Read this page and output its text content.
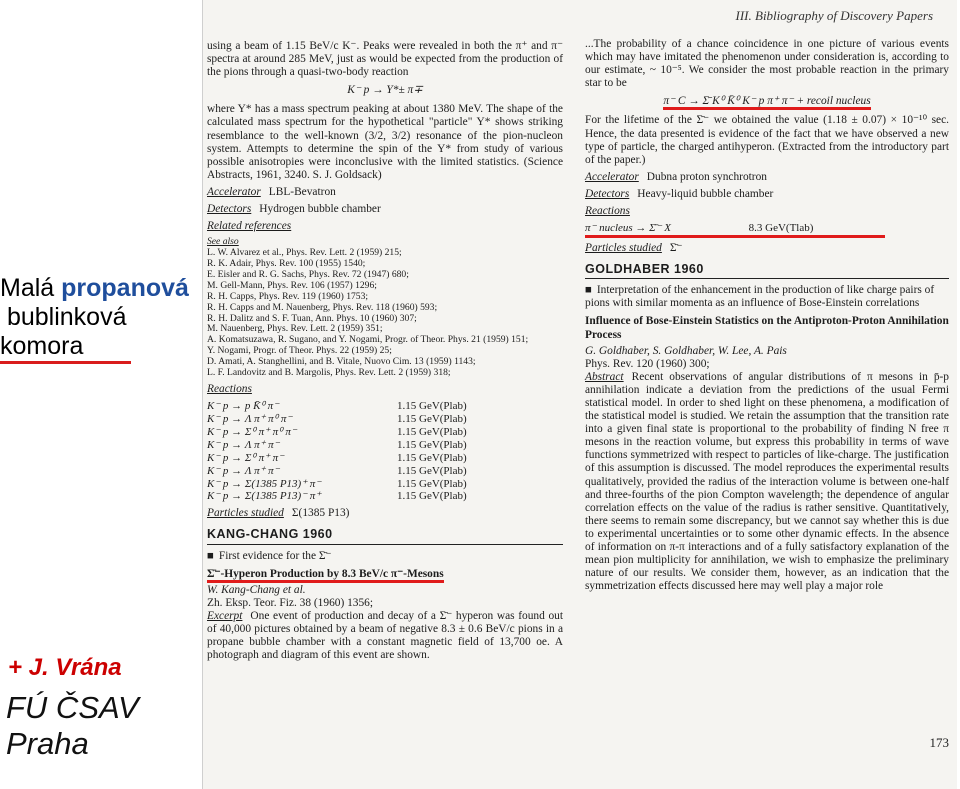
Malá propanová
bublinková
komora
+ J. Vrána
FÚ ČSAV Praha
III. Bibliography of Discovery Papers

using a beam of 1.15 BeV/c K⁻. Peaks were revealed in both the π⁺ and π⁻ spectra at around 285 MeV, just as would be expected from the production of the pions through a quasi-two-body reaction

K⁻ p → Y*± π∓

where Y* has a mass spectrum peaking at about 1380 MeV. The shape of the calculated mass spectrum for the hypothetical "particle" Y* shows striking resemblance to the well-known (3/2, 3/2) resonance of the pion-nucleon system. Attempts to determine the spin of the Y* from study of various possible anisotropies were inconclusive with the limited statistics. (Science Abstracts, 1961, 3240. S. J. Goldsack)

Accelerator LBL-Bevatron
Detectors Hydrogen bubble chamber
Related references
See also
L. W. Alvarez et al., Phys. Rev. Lett. 2 (1959) 215;
R. K. Adair, Phys. Rev. 100 (1955) 1540;
E. Eisler and R. G. Sachs, Phys. Rev. 72 (1947) 680;
M. Gell-Mann, Phys. Rev. 106 (1957) 1296;
R. H. Capps, Phys. Rev. 119 (1960) 1753;
R. H. Capps and M. Nauenberg, Phys. Rev. 118 (1960) 593;
R. H. Dalitz and S. F. Tuan, Ann. Phys. 10 (1960) 307;
M. Nauenberg, Phys. Rev. Lett. 2 (1959) 351;
A. Komatsuzawa, R. Sugano, and Y. Nogami, Progr. of Theor. Phys. 21 (1959) 151;
Y. Nogami, Progr. of Theor. Phys. 22 (1959) 25;
D. Amati, A. Stanghellini, and B. Vitale, Nuovo Cim. 13 (1959) 1143;
L. F. Landovitz and B. Margolis, Phys. Rev. Lett. 2 (1959) 318;
Reactions
K⁻ p → p K̄⁰ π⁻	1.15 GeV(Plab)
K⁻ p → Λ π⁺ π⁰ π⁻	1.15 GeV(Plab)
K⁻ p → Σ⁰ π⁺ π⁰ π⁻	1.15 GeV(Plab)
K⁻ p → Λ π⁺ π⁻	1.15 GeV(Plab)
K⁻ p → Σ⁰ π⁺ π⁻	1.15 GeV(Plab)
K⁻ p → Λ π⁺ π⁻	1.15 GeV(Plab)
K⁻ p → Σ(1385 P13)⁺ π⁻	1.15 GeV(Plab)
K⁻ p → Σ(1385 P13)⁻ π⁺	1.15 GeV(Plab)
Particles studied Σ(1385 P13)
KANG-CHANG 1960
■ First evidence for the Σ̄⁻
Σ̄⁻-Hyperon Production by 8.3 BeV/c π⁻-Mesons
W. Kang-Chang et al.
Zh. Eksp. Teor. Fiz. 38 (1960) 1356;

Excerpt One event of production and decay of a Σ̄⁻ hyperon was found out of 40,000 pictures obtained by a beam of negative 8.3 ± 0.6 BeV/c pions in a propane bubble chamber with a constant magnetic field of 13,700 oe. A photograph and diagram of this event are shown.

...The probability of a chance coincidence in one picture of various events which may have imitated the phenomenon under consideration is, according to our estimate, ~ 10⁻⁵. We consider the most probable reaction in the primary star to be

π⁻ C → Σ̄ K⁰ K̄⁰ K⁻ p π⁺ π⁻ + recoil nucleus

For the lifetime of the Σ̄⁻ we obtained the value (1.18 ± 0.07) × 10⁻¹⁰ sec. Hence, the data presented is evidence of the fact that we have observed a new type of particle, the charged antihyperon. (Extracted from the introductory part of the paper.)

Accelerator Dubna proton synchrotron
Detectors Heavy-liquid bubble chamber
Reactions
π⁻ nucleus → Σ̄⁻ X	8.3 GeV(Tlab)
Particles studied Σ̄⁻
GOLDHABER 1960
■ Interpretation of the enhancement in the production of like charge pairs of pions with similar momenta as an influence of Bose-Einstein correlations
Influence of Bose-Einstein Statistics on the Antiproton-Proton Annihilation Process
G. Goldhaber, S. Goldhaber, W. Lee, A. Pais
Phys. Rev. 120 (1960) 300;

Abstract Recent observations of angular distributions of π mesons in p̄-p annihilation indicate a deviation from the predictions of the usual Fermi statistical model. In order to shed light on these phenomena, a modification of the statistical model is studied. We retain the assumption that the transition rate into a given final state is proportional to the probability of finding N free π mesons in the reaction volume, but express this probability in terms of wave functions symmetrized with respect to particles of like-charge. The justification of this assumption is discussed. The model reproduces the experimental results qualitatively, provided the radius of the interaction volume is between one-half and three-fourths of the pion Compton wavelength; the dependence of angular correlation effects on the value of the radius is rather sensitive. Quantitatively, there seems to remain some discrepancy, but we cannot say whether this is due to experimental uncertainties or to some other dynamic effects. In the absence of information on π-π interactions and of a fully satisfactory explanation of the mean pion multiplicity for annihilation, we wish to emphasize the preliminary nature of our results. We consider them, however, as an indication that the symmetrization effects discussed here may well play a major role

173
